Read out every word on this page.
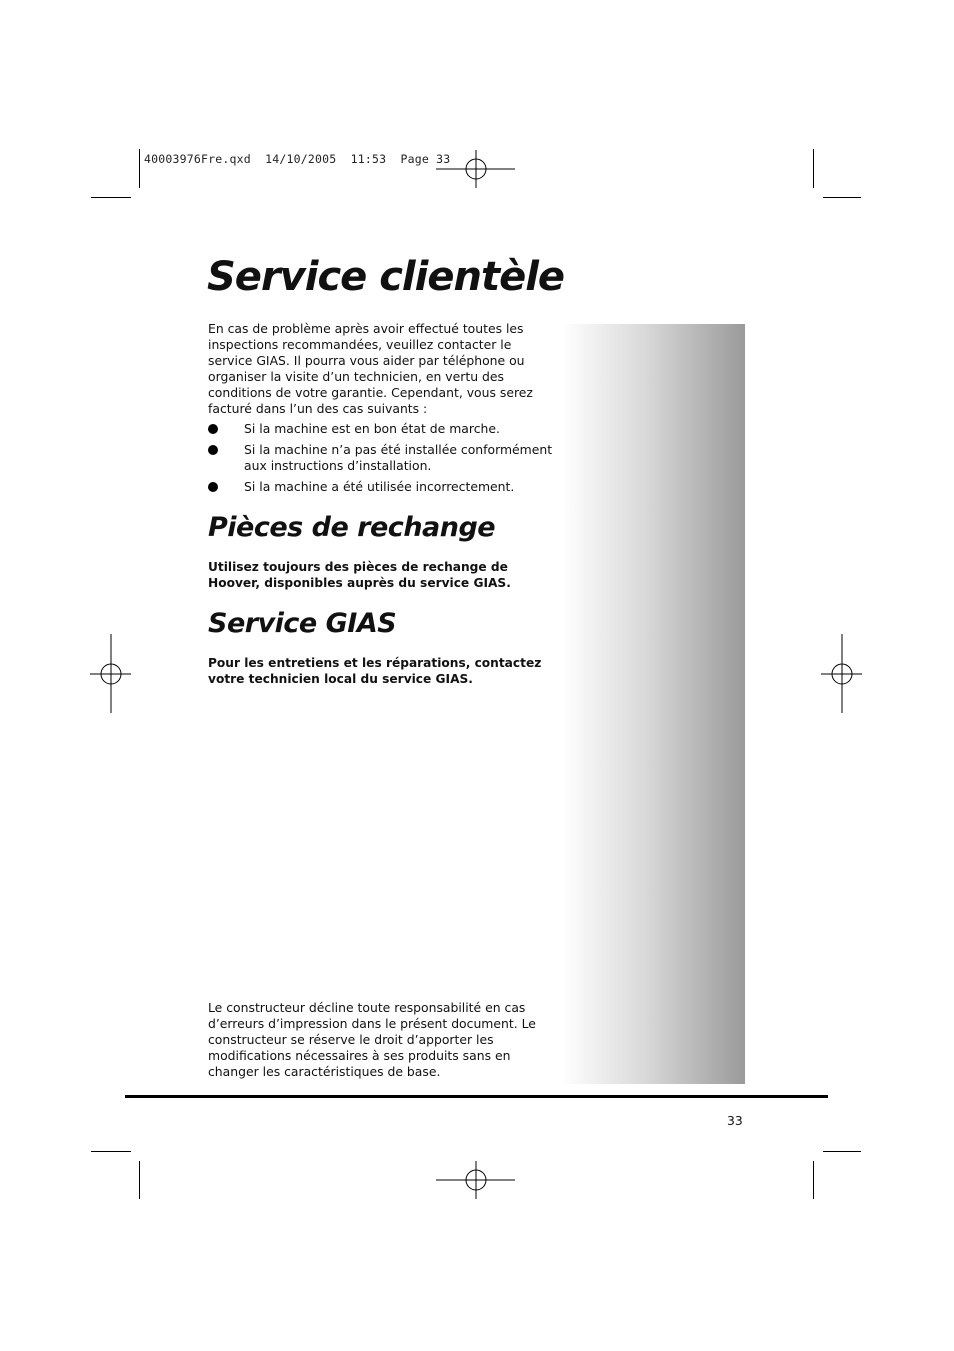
40003976Fre.qxd  14/10/2005  11:53  Page 33
Service clientèle

En cas de problème après avoir effectué toutes les inspections recommandées, veuillez contacter le service GIAS. Il pourra vous aider par téléphone ou organiser la visite d’un technicien, en vertu des conditions de votre garantie. Cependant, vous serez facturé dans l’un des cas suivants :

Si la machine est en bon état de marche.
Si la machine n’a pas été installée conformément aux instructions d’installation.
Si la machine a été utilisée incorrectement.
Pièces de rechange

Utilisez toujours des pièces de rechange de Hoover, disponibles auprès du service GIAS.

Service GIAS

Pour les entretiens et les réparations, contactez votre technicien local du service GIAS.

Le constructeur décline toute responsabilité en cas d’erreurs d’impression dans le présent document. Le constructeur se réserve le droit d’apporter les modifications nécessaires à ses produits sans en changer les caractéristiques de base.

33
